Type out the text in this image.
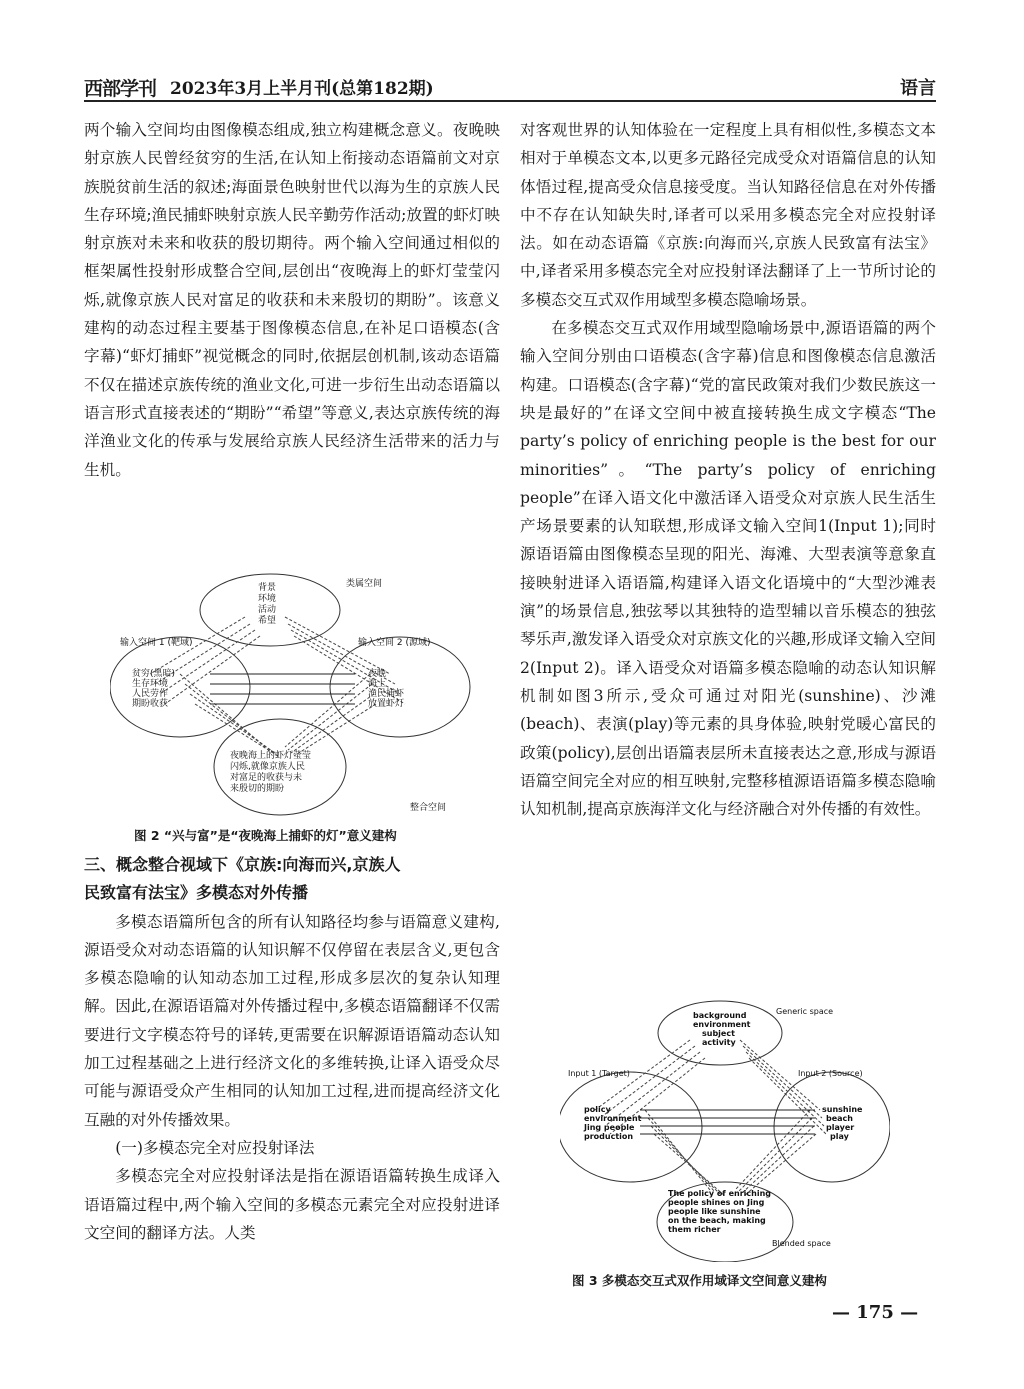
西部学刊 2023年3月上半月刊(总第182期)	语言

两个输入空间均由图像模态组成,独立构建概念意义。夜晚映射京族人民曾经贫穷的生活,在认知上衔接动态语篇前文对京族脱贫前生活的叙述;海面景色映射世代以海为生的京族人民生存环境;渔民捕虾映射京族人民辛勤劳作活动;放置的虾灯映射京族对未来和收获的殷切期待。两个输入空间通过相似的框架属性投射形成整合空间,层创出“夜晚海上的虾灯莹莹闪烁,就像京族人民对富足的收获和未来殷切的期盼”。该意义建构的动态过程主要基于图像模态信息,在补足口语模态(含字幕)“虾灯捕虾”视觉概念的同时,依据层创机制,该动态语篇不仅在描述京族传统的渔业文化,可进一步衍生出动态语篇以语言形式直接表述的“期盼”“希望”等意义,表达京族传统的海洋渔业文化的传承与发展给京族人民经济生活带来的活力与生机。

类属空间
背景
环境
活动
希望
输入空间 1 (靶域)	输入空间 2 (源域)
贫穷(黑暗)
生存环境
人民劳作
期盼收获
夜晚
海上
渔民捕虾
放置虾灯
夜晚海上的虾灯莹莹
闪烁,就像京族人民
对富足的收获与未
来殷切的期盼
整合空间
图 2 “兴与富”是“夜晚海上捕虾的灯”意义建构

三、概念整合视域下《京族:向海而兴,京族人
民致富有法宝》多模态对外传播

多模态语篇所包含的所有认知路径均参与语篇意义建构,源语受众对动态语篇的认知识解不仅停留在表层含义,更包含多模态隐喻的认知动态加工过程,形成多层次的复杂认知理解。因此,在源语语篇对外传播过程中,多模态语篇翻译不仅需要进行文字模态符号的译转,更需要在识解源语语篇动态认知加工过程基础之上进行经济文化的多维转换,让译入语受众尽可能与源语受众产生相同的认知加工过程,进而提高经济文化互融的对外传播效果。

(一)多模态完全对应投射译法

多模态完全对应投射译法是指在源语语篇转换生成译入语语篇过程中,两个输入空间的多模态元素完全对应投射进译文空间的翻译方法。人类

对客观世界的认知体验在一定程度上具有相似性,多模态文本相对于单模态文本,以更多元路径完成受众对语篇信息的认知体悟过程,提高受众信息接受度。当认知路径信息在对外传播中不存在认知缺失时,译者可以采用多模态完全对应投射译法。如在动态语篇《京族:向海而兴,京族人民致富有法宝》中,译者采用多模态完全对应投射译法翻译了上一节所讨论的多模态交互式双作用域型多模态隐喻场景。

在多模态交互式双作用域型隐喻场景中,源语语篇的两个输入空间分别由口语模态(含字幕)信息和图像模态信息激活构建。口语模态(含字幕)“党的富民政策对我们少数民族这一块是最好的”在译文空间中被直接转换生成文字模态“The party’s policy of enriching people is the best for our minorities”。“The party’s policy of enriching people”在译入语文化中激活译入语受众对京族人民生活生产场景要素的认知联想,形成译文输入空间1(Input 1);同时源语语篇由图像模态呈现的阳光、海滩、大型表演等意象直接映射进译入语语篇,构建译入语文化语境中的“大型沙滩表演”的场景信息,独弦琴以其独特的造型辅以音乐模态的独弦琴乐声,激发译入语受众对京族文化的兴趣,形成译文输入空间2(Input 2)。译入语受众对语篇多模态隐喻的动态认知识解机制如图3所示,受众可通过对阳光(sunshine)、沙滩(beach)、表演(play)等元素的具身体验,映射党暖心富民的政策(policy),层创出语篇表层所未直接表达之意,形成与源语语篇空间完全对应的相互映射,完整移植源语语篇多模态隐喻认知机制,提高京族海洋文化与经济融合对外传播的有效性。

Generic space
background
environment
subject
activity
Input 1 (Target)	Input 2 (Source)
policy
environment
Jing people
production
sunshine
beach
player
play
The policy of enriching
people shines on Jing
people like sunshine
on the beach, making
them richer
Blended space
图 3 多模态交互式双作用域译文空间意义建构
— 175 —
